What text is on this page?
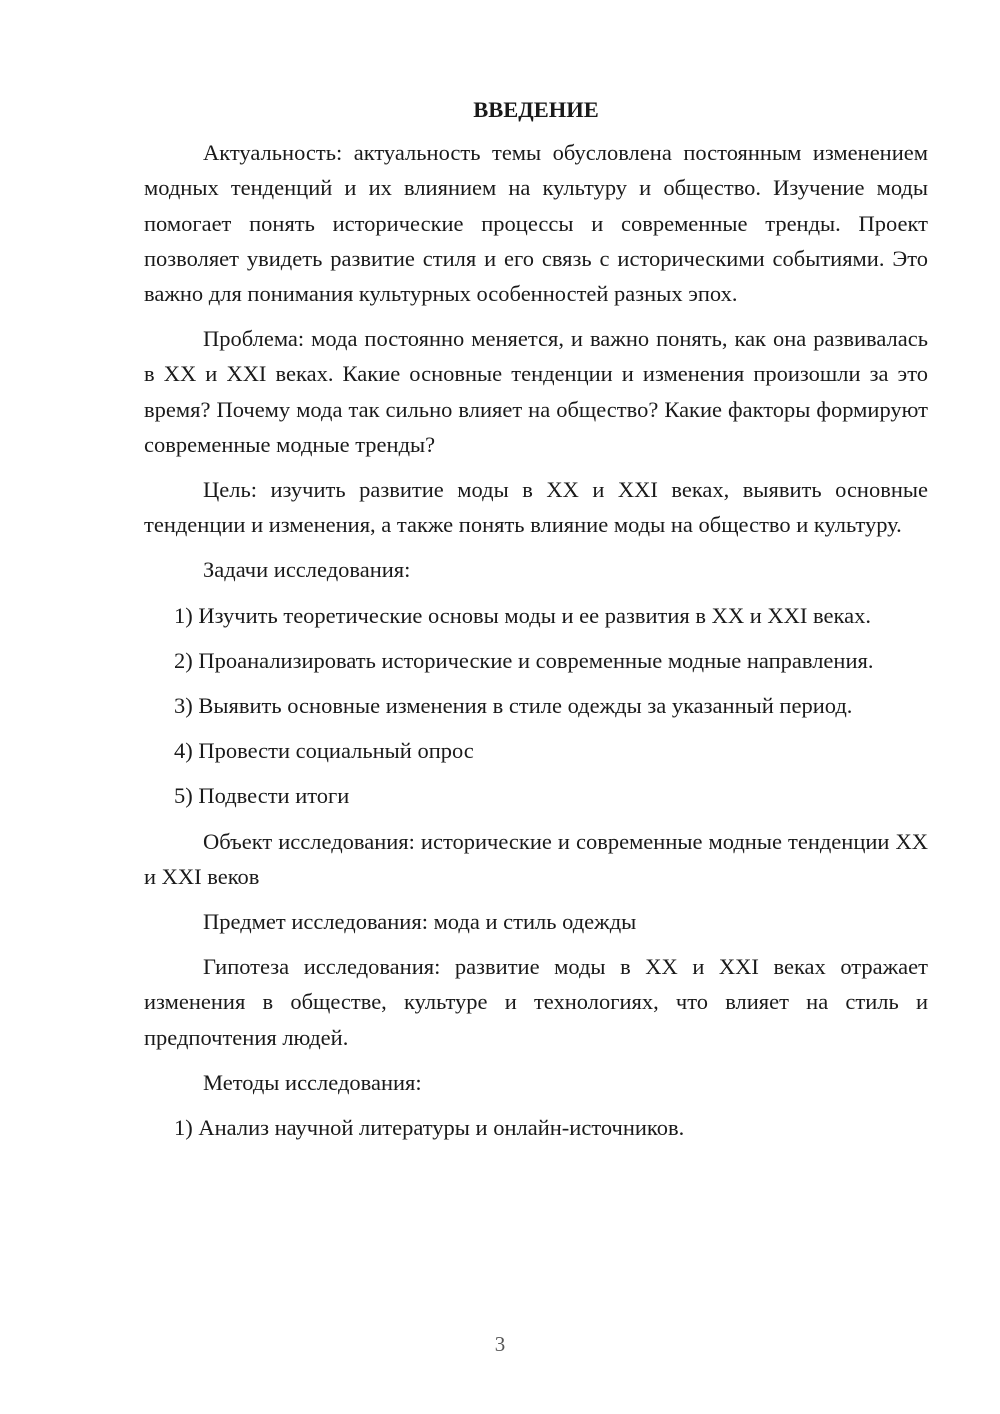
ВВЕДЕНИЕ

Актуальность: актуальность темы обусловлена постоянным изменением модных тенденций и их влиянием на культуру и общество. Изучение моды помогает понять исторические процессы и современные тренды. Проект позволяет увидеть развитие стиля и его связь с историческими событиями. Это важно для понимания культурных особенностей разных эпох.

Проблема: мода постоянно меняется, и важно понять, как она развивалась в XX и XXI веках. Какие основные тенденции и изменения произошли за это время? Почему мода так сильно влияет на общество? Какие факторы формируют современные модные тренды?

Цель: изучить развитие моды в XX и XXI веках, выявить основные тенденции и изменения, а также понять влияние моды на общество и культуру.

Задачи исследования:

1) Изучить теоретические основы моды и ее развития в XX и XXI веках.

2) Проанализировать исторические и современные модные направления.

3) Выявить основные изменения в стиле одежды за указанный период.

4) Провести социальный опрос

5) Подвести итоги

Объект исследования: исторические и современные модные тенденции XX и XXI веков

Предмет исследования: мода и стиль одежды

Гипотеза исследования: развитие моды в XX и XXI веках отражает изменения в обществе, культуре и технологиях, что влияет на стиль и предпочтения людей.

Методы исследования:

1) Анализ научной литературы и онлайн-источников.

3
